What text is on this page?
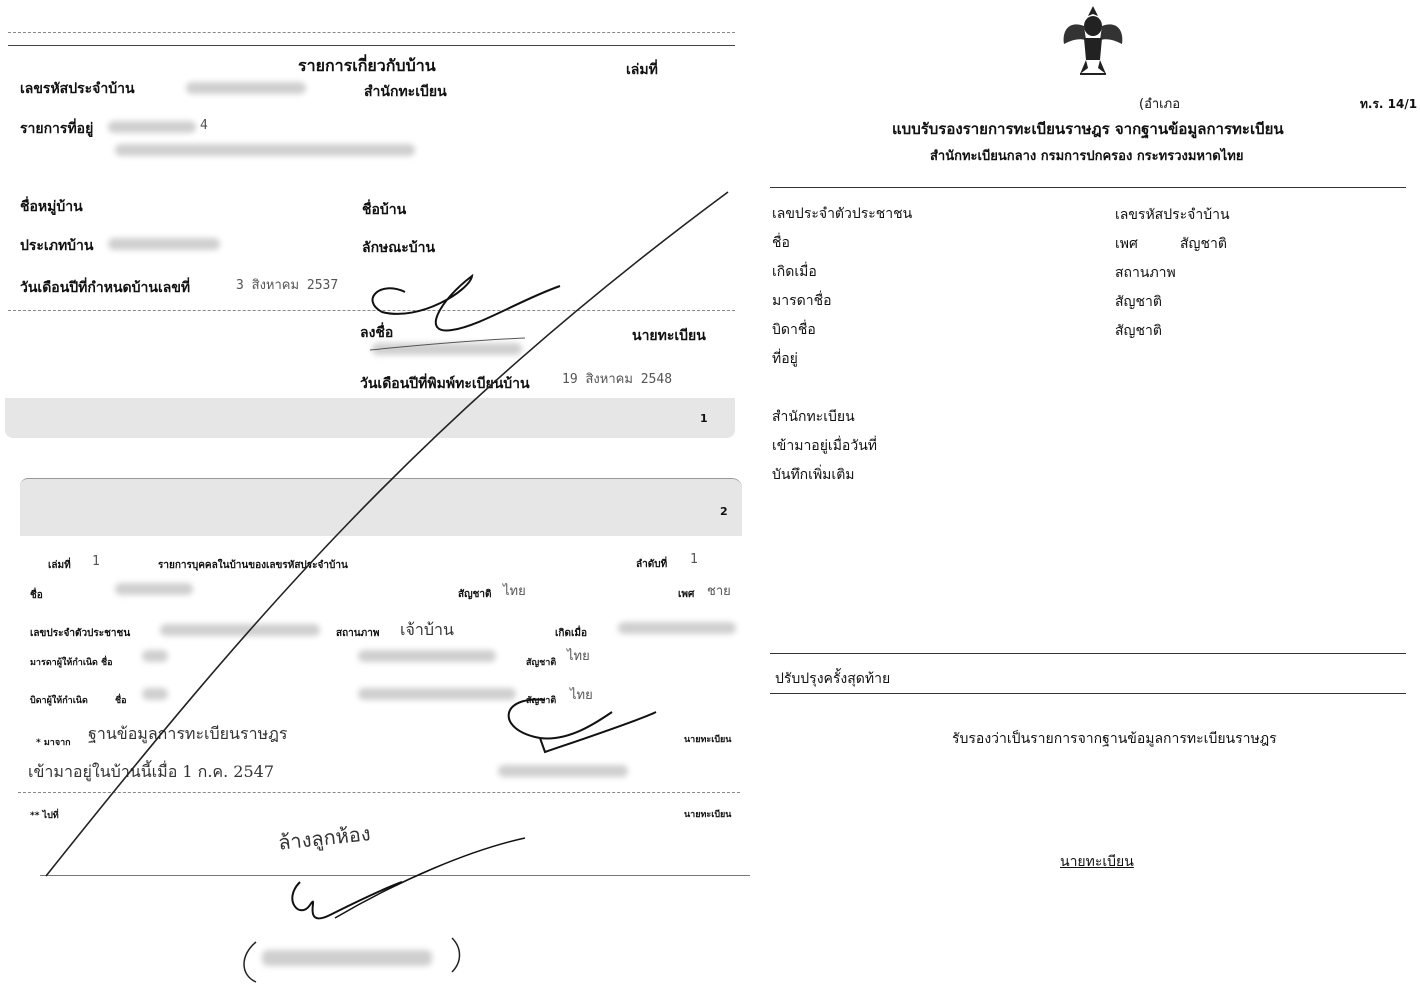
รายการเกี่ยวกับบ้าน	เล่มที่
เลขรหัสประจำบ้าน	สำนักทะเบียน
รายการที่อยู่	4
ชื่อหมู่บ้าน	ชื่อบ้าน
ประเภทบ้าน	ลักษณะบ้าน
วันเดือนปีที่กำหนดบ้านเลขที่	3 สิงหาคม 2537
ลงชื่อ	นายทะเบียน
วันเดือนปีที่พิมพ์ทะเบียนบ้าน 19 สิงหาคม 2548
1
2
เล่มที่ 1	รายการบุคคลในบ้านของเลขรหัสประจำบ้าน	ลำดับที่ 1
ชื่อ	สัญชาติ ไทย	เพศ ชาย
เลขประจำตัวประชาชน	สถานภาพ เจ้าบ้าน	เกิดเมื่อ
มารดาผู้ให้กำเนิด ชื่อ	สัญชาติ ไทย
บิดาผู้ให้กำเนิด	ชื่อ	สัญชาติ ไทย
* มาจาก ฐานข้อมูลการทะเบียนราษฎร	นายทะเบียน
เข้ามาอยู่ในบ้านนี้เมื่อ 1 ก.ค. 2547
** ไปที่	นายทะเบียน
ล้างลูกห้อง
(อำเภอ	ท.ร. 14/1
แบบรับรองรายการทะเบียนราษฎร จากฐานข้อมูลการทะเบียน
สำนักทะเบียนกลาง กรมการปกครอง กระทรวงมหาดไทย
เลขประจำตัวประชาชน	เลขรหัสประจำบ้าน
ชื่อ	เพศ	สัญชาติ
เกิดเมื่อ	สถานภาพ
มารดาชื่อ	สัญชาติ
บิดาชื่อ	สัญชาติ
ที่อยู่
สำนักทะเบียน
เข้ามาอยู่เมื่อวันที่
บันทึกเพิ่มเติม
ปรับปรุงครั้งสุดท้าย
รับรองว่าเป็นรายการจากฐานข้อมูลการทะเบียนราษฎร
นายทะเบียน
